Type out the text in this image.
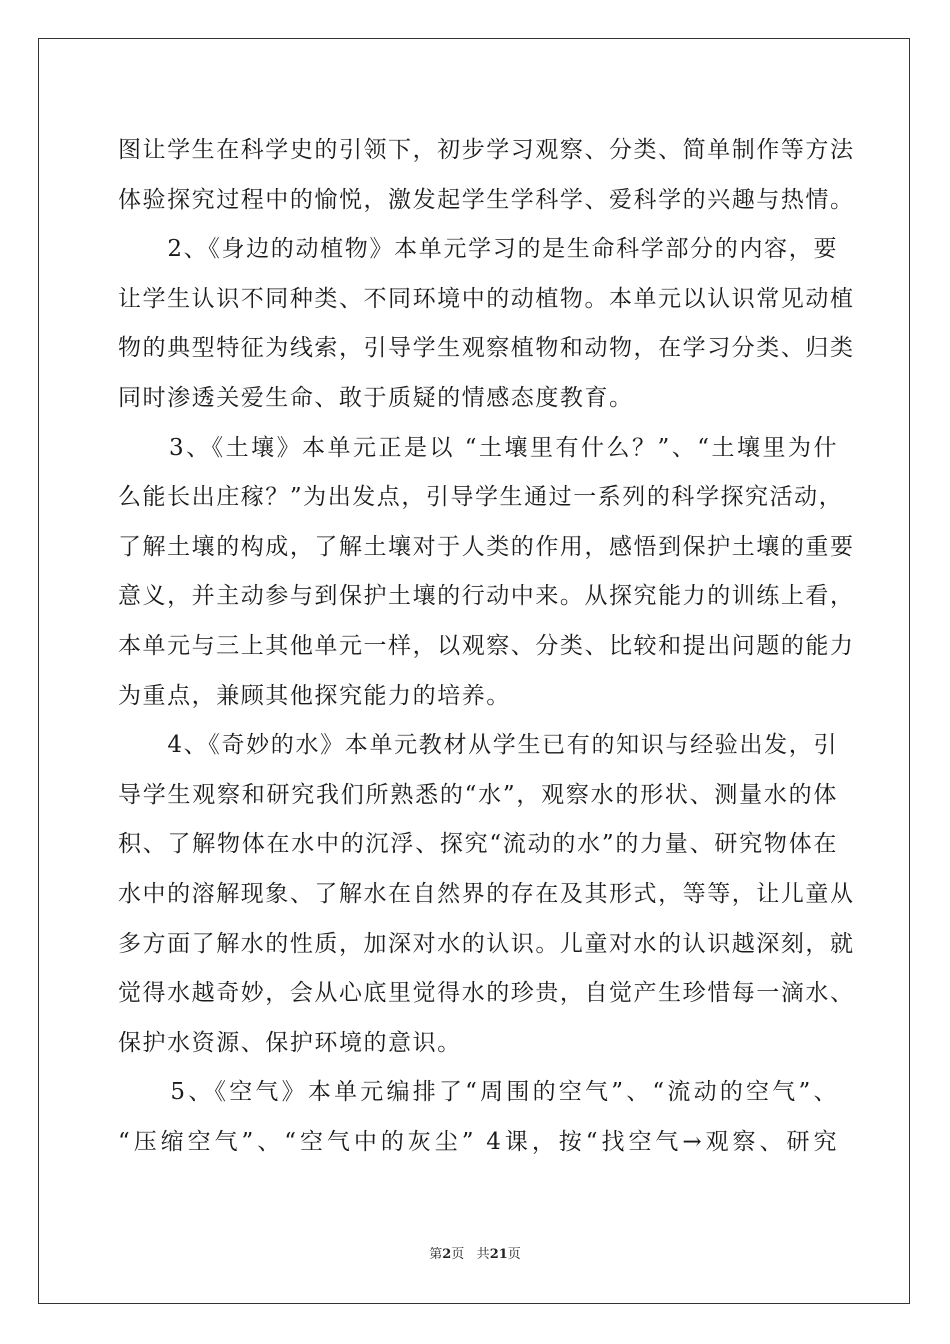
图让学生在科学史的引领下，初步学习观察、分类、简单制作等方法
体验探究过程中的愉悦，激发起学生学科学、爱科学的兴趣与热情。
　　2、《身边的动植物》本单元学习的是生命科学部分的内容，要
让学生认识不同种类、不同环境中的动植物。本单元以认识常见动植
物的典型特征为线索，引导学生观察植物和动物，在学习分类、归类
同时渗透关爱生命、敢于质疑的情感态度教育。
　　3、《土壤》本单元正是以 “土壤里有什么？”、“土壤里为什
么能长出庄稼？”为出发点，引导学生通过一系列的科学探究活动，
了解土壤的构成，了解土壤对于人类的作用，感悟到保护土壤的重要
意义，并主动参与到保护土壤的行动中来。从探究能力的训练上看，
本单元与三上其他单元一样，以观察、分类、比较和提出问题的能力
为重点，兼顾其他探究能力的培养。
　　4、《奇妙的水》本单元教材从学生已有的知识与经验出发，引
导学生观察和研究我们所熟悉的“水”，观察水的形状、测量水的体
积、了解物体在水中的沉浮、探究“流动的水”的力量、研究物体在
水中的溶解现象、了解水在自然界的存在及其形式，等等，让儿童从
多方面了解水的性质，加深对水的认识。儿童对水的认识越深刻，就
觉得水越奇妙，会从心底里觉得水的珍贵，自觉产生珍惜每一滴水、
保护水资源、保护环境的意识。
　　5、《空气》本单元编排了“周围的空气”、“流动的空气”、
“压缩空气”、“空气中的灰尘” 4课，按“找空气→观察、研究
第2页 共21页
